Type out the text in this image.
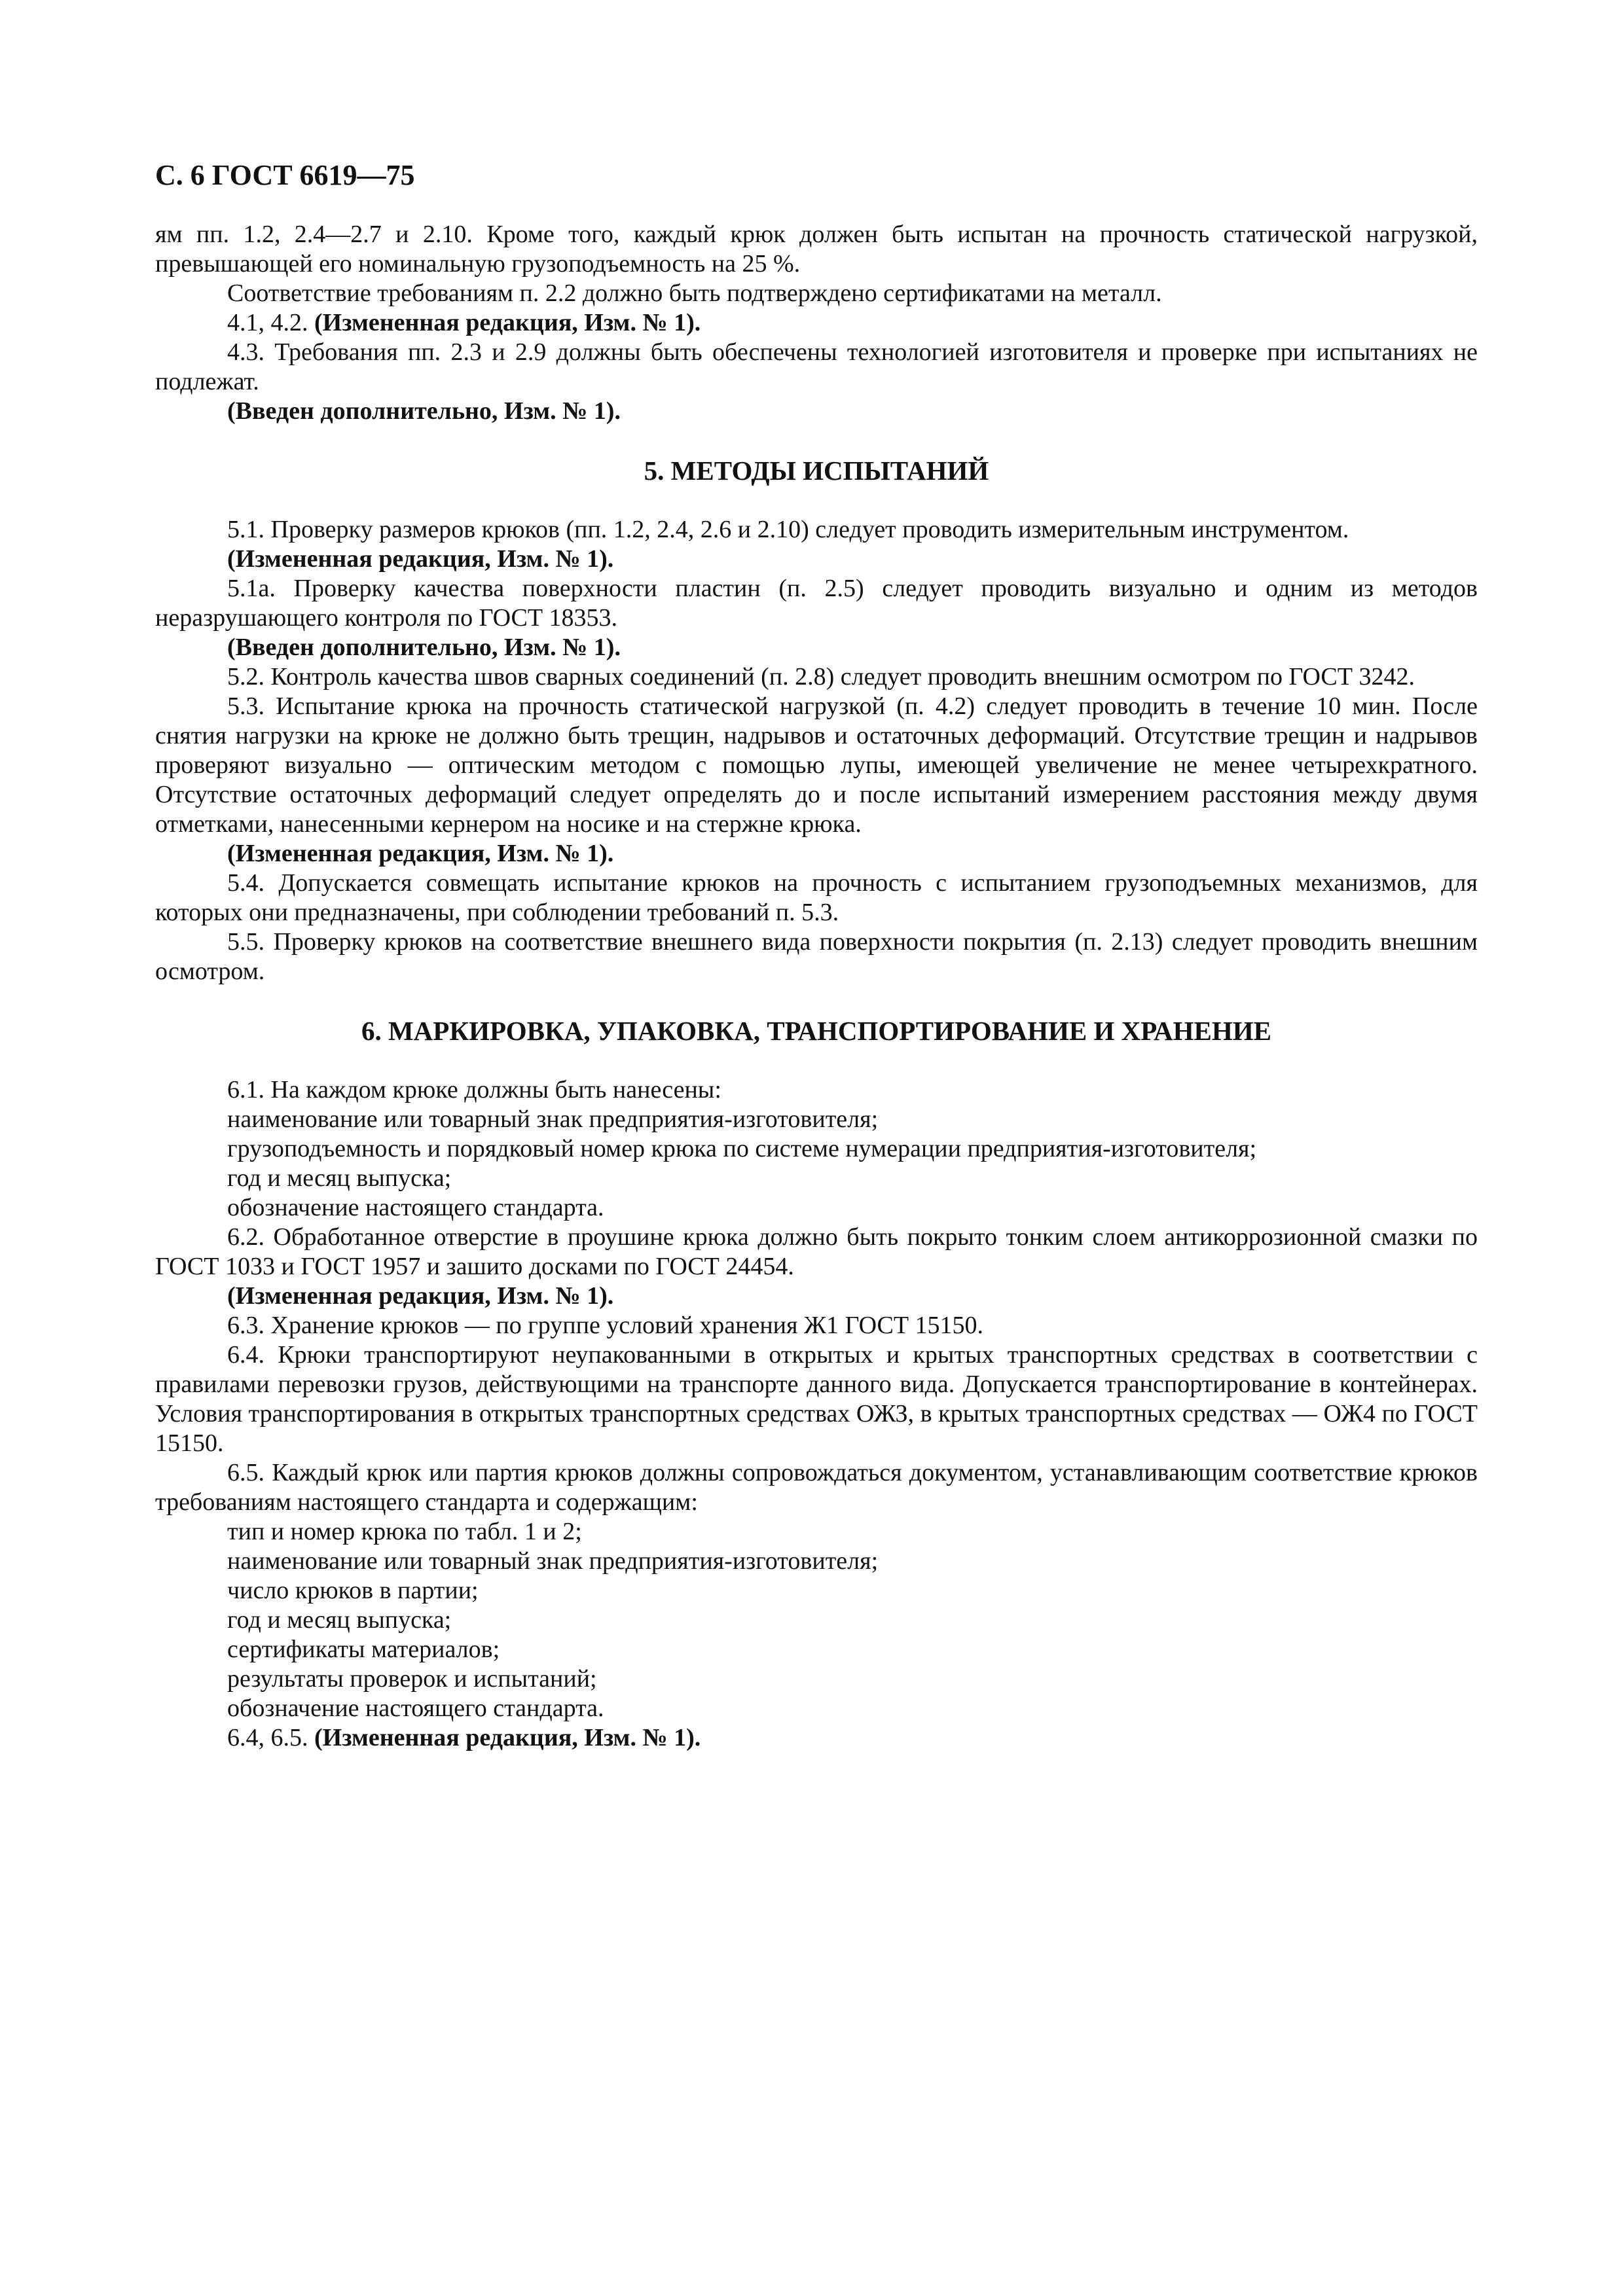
С. 6 ГОСТ 6619—75

ям пп. 1.2, 2.4—2.7 и 2.10. Кроме того, каждый крюк должен быть испытан на прочность статической нагрузкой, превышающей его номинальную грузоподъемность на 25 %.

Соответствие требованиям п. 2.2 должно быть подтверждено сертификатами на металл.

4.1, 4.2. (Измененная редакция, Изм. № 1).

4.3. Требования пп. 2.3 и 2.9 должны быть обеспечены технологией изготовителя и проверке при испытаниях не подлежат.

(Введен дополнительно, Изм. № 1).

5. МЕТОДЫ ИСПЫТАНИЙ

5.1. Проверку размеров крюков (пп. 1.2, 2.4, 2.6 и 2.10) следует проводить измерительным инструментом.

(Измененная редакция, Изм. № 1).

5.1а. Проверку качества поверхности пластин (п. 2.5) следует проводить визуально и одним из методов неразрушающего контроля по ГОСТ 18353.

(Введен дополнительно, Изм. № 1).

5.2. Контроль качества швов сварных соединений (п. 2.8) следует проводить внешним осмотром по ГОСТ 3242.

5.3. Испытание крюка на прочность статической нагрузкой (п. 4.2) следует проводить в течение 10 мин. После снятия нагрузки на крюке не должно быть трещин, надрывов и остаточных деформаций. Отсутствие трещин и надрывов проверяют визуально — оптическим методом с помощью лупы, имеющей увеличение не менее четырехкратного. Отсутствие остаточных деформаций следует определять до и после испытаний измерением расстояния между двумя отметками, нанесенными кернером на носике и на стержне крюка.

(Измененная редакция, Изм. № 1).

5.4. Допускается совмещать испытание крюков на прочность с испытанием грузоподъемных механизмов, для которых они предназначены, при соблюдении требований п. 5.3.

5.5. Проверку крюков на соответствие внешнего вида поверхности покрытия (п. 2.13) следует проводить внешним осмотром.

6. МАРКИРОВКА, УПАКОВКА, ТРАНСПОРТИРОВАНИЕ И ХРАНЕНИЕ

6.1. На каждом крюке должны быть нанесены:

наименование или товарный знак предприятия-изготовителя;

грузоподъемность и порядковый номер крюка по системе нумерации предприятия-изготовителя;

год и месяц выпуска;

обозначение настоящего стандарта.

6.2. Обработанное отверстие в проушине крюка должно быть покрыто тонким слоем антикоррозионной смазки по ГОСТ 1033 и ГОСТ 1957 и зашито досками по ГОСТ 24454.

(Измененная редакция, Изм. № 1).

6.3. Хранение крюков — по группе условий хранения Ж1 ГОСТ 15150.

6.4. Крюки транспортируют неупакованными в открытых и крытых транспортных средствах в соответствии с правилами перевозки грузов, действующими на транспорте данного вида. Допускается транспортирование в контейнерах. Условия транспортирования в открытых транспортных средствах ОЖЗ, в крытых транспортных средствах — ОЖ4 по ГОСТ 15150.

6.5. Каждый крюк или партия крюков должны сопровождаться документом, устанавливающим соответствие крюков требованиям настоящего стандарта и содержащим:

тип и номер крюка по табл. 1 и 2;

наименование или товарный знак предприятия-изготовителя;

число крюков в партии;

год и месяц выпуска;

сертификаты материалов;

результаты проверок и испытаний;

обозначение настоящего стандарта.

6.4, 6.5. (Измененная редакция, Изм. № 1).
